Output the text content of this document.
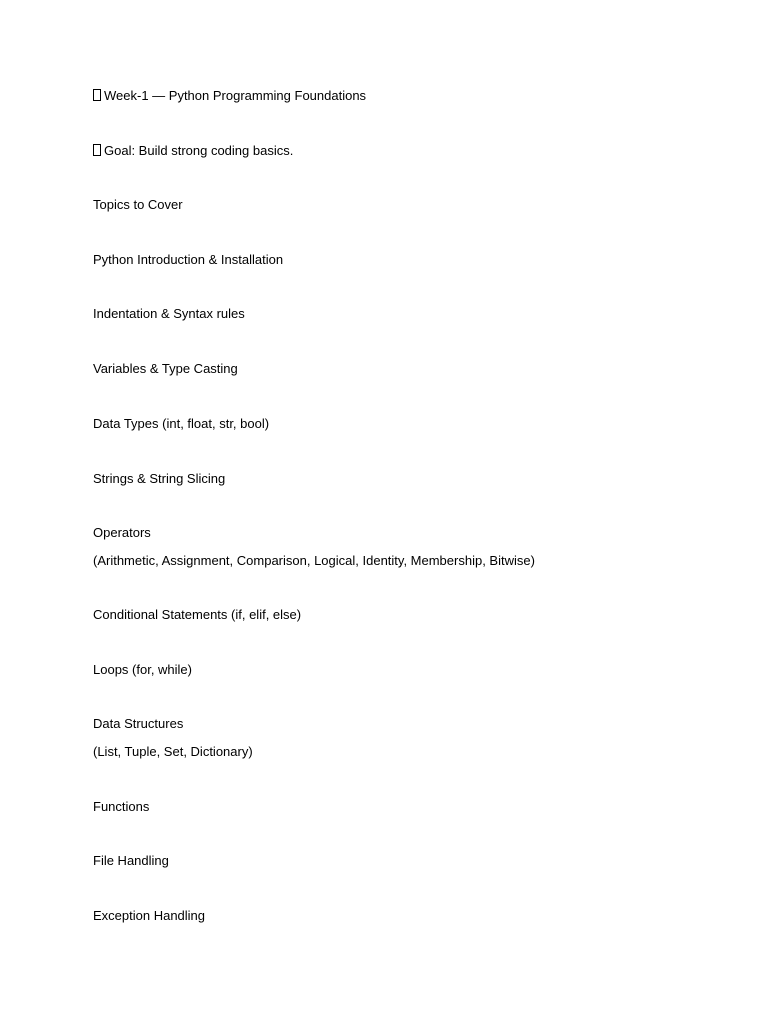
Week-1 — Python Programming Foundations
Goal: Build strong coding basics.
Topics to Cover
Python Introduction & Installation
Indentation & Syntax rules
Variables & Type Casting
Data Types (int, float, str, bool)
Strings & String Slicing
Operators
(Arithmetic, Assignment, Comparison, Logical, Identity, Membership, Bitwise)
Conditional Statements (if, elif, else)
Loops (for, while)
Data Structures
(List, Tuple, Set, Dictionary)
Functions
File Handling
Exception Handling
